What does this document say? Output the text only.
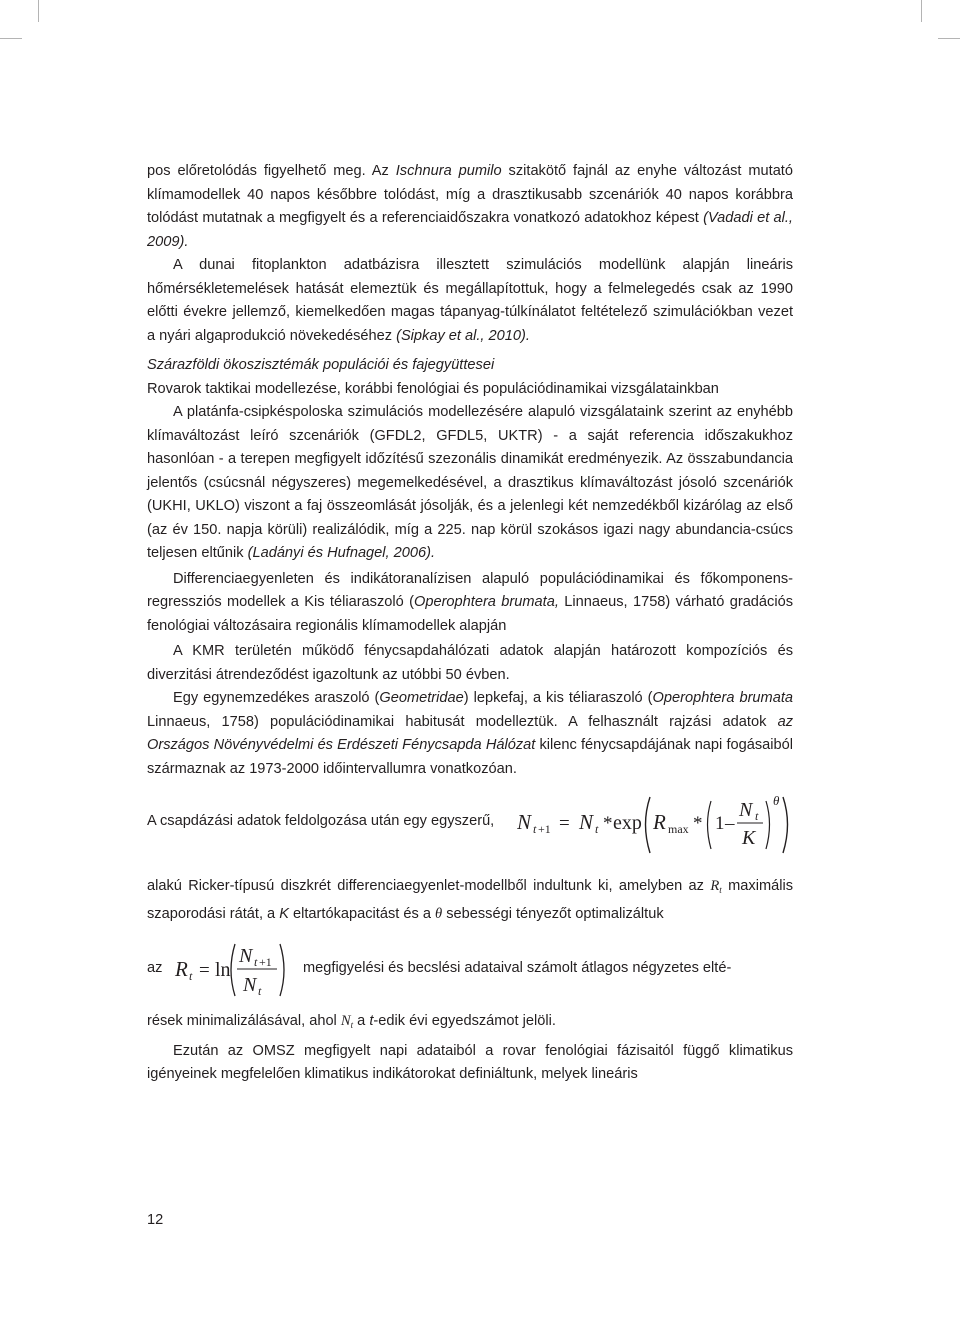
pos előretolódás figyelhető meg. Az Ischnura pumilo szitakötő fajnál az enyhe változást mutató klímamodellek 40 napos későbbre tolódást, míg a drasztikusabb szcenáriók 40 napos korábbra tolódást mutatnak a megfigyelt és a referenciaidőszakra vonatkozó adatokhoz képest (Vadadi et al., 2009).

A dunai fitoplankton adatbázisra illesztett szimulációs modellünk alapján lineáris hőmérsékletemelések hatását elemeztük és megállapítottuk, hogy a felmelegedés csak az 1990 előtti évekre jellemző, kiemelkedően magas tápanyag-túlkínálatot feltételező szimulációkban vezet a nyári algaprodukció növekedéséhez (Sipkay et al., 2010).

Szárazföldi ökoszisztémák populációi és fajegyüttesei

Rovarok taktikai modellezése, korábbi fenológiai és populációdinamikai vizsgálatainkban

A platánfa-csipkéspoloska szimulációs modellezésére alapuló vizsgálataink szerint az enyhébb klímaváltozást leíró szcenáriók (GFDL2, GFDL5, UKTR) - a saját referencia időszakukhoz hasonlóan - a terepen megfigyelt időzítésű szezonális dinamikát eredményezik. Az összabundancia jelentős (csúcsnál négyszeres) megemelkedésével, a drasztikus klímaváltozást jósoló szcenáriók (UKHI, UKLO) viszont a faj összeomlását jósolják, és a jelenlegi két nemzedékből kizárólag az első (az év 150. napja körüli) realizálódik, míg a 225. nap körül szokásos igazi nagy abundancia-csúcs teljesen eltűnik (Ladányi és Hufnagel, 2006).

Differenciaegyenleten és indikátoranalízisen alapuló populációdinamikai és főkomponens-regressziós modellek a Kis téliaraszoló (Operophtera brumata, Linnaeus, 1758) várható gradációs fenológiai változásaira regionális klímamodellek alapján

A KMR területén működő fénycsapdahálózati adatok alapján határozott kompozíciós és diverzitási átrendeződést igazoltunk az utóbbi 50 évben.

Egy egynemzedékes araszoló (Geometridae) lepkefaj, a kis téliaraszoló (Operophtera brumata Linnaeus, 1758) populációdinamikai habitusát modelleztük. A felhasznált rajzási adatok az Országos Növényvédelmi és Erdészeti Fénycsapda Hálózat kilenc fénycsapdájának napi fogásaiból származnak az 1973-2000 időintervallumra vonatkozóan.

A csapdázási adatok feldolgozása után egy egyszerű, N t +1 = N t * exp R max * 1 –
N t
K
θ

alakú Ricker-típusú diszkrét differenciaegyenlet-modellből indultunk ki, amelyben az $R_t$ maximális szaporodási rátát, a K eltartókapacitást és a θ sebességi tényezőt optimalizáltuk

az R t = ln
N t +1
N t
megfigyelési és becslési adataival számolt átlagos négyzetes elté-

rések minimalizálásával, ahol $N_t$ a t-edik évi egyedszámot jelöli.

Ezután az OMSZ megfigyelt napi adataiból a rovar fenológiai fázisaitól függő klimatikus igényeinek megfelelően klimatikus indikátorokat definiáltunk, melyek lineáris

12
